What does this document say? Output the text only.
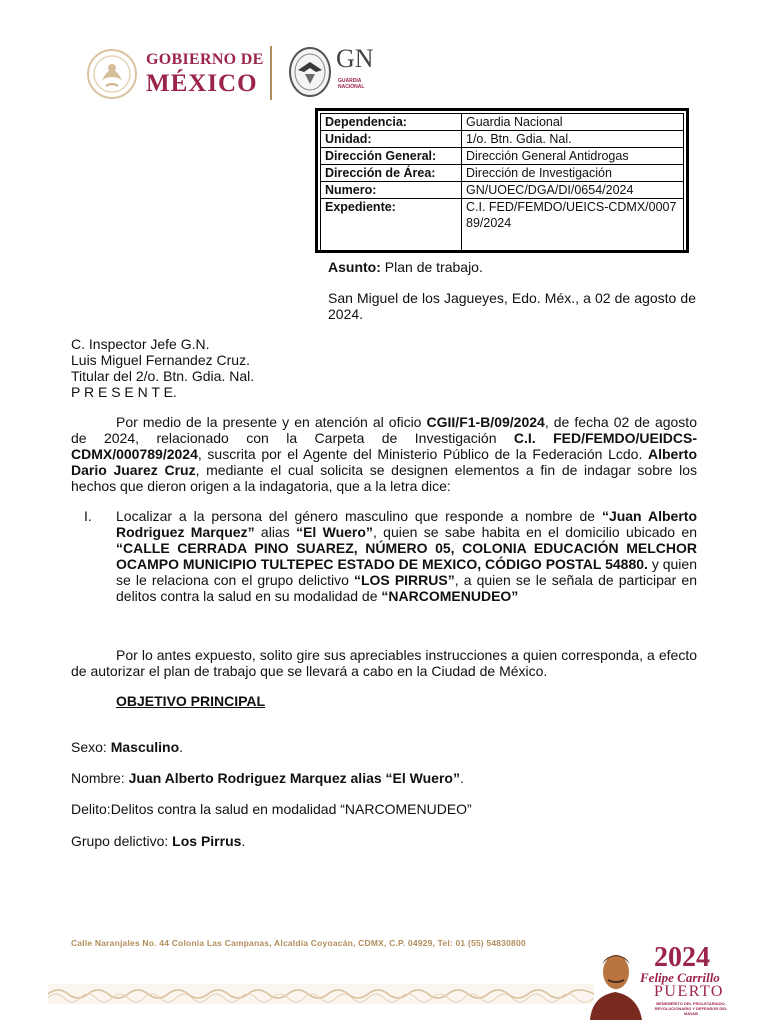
GOBIERNO DE
MÉXICO
GN
GUARDIA NACIONAL
Dependencia:	Guardia Nacional
Unidad:	1/o. Btn. Gdia. Nal.
Dirección General:	Dirección General Antidrogas
Dirección de Área:	Dirección de Investigación
Numero:	GN/UOEC/DGA/DI/0654/2024
Expediente:	C.I. FED/FEMDO/UEICS-CDMX/000789/2024
Asunto: Plan de trabajo.
San Miguel de los Jagueyes, Edo. Méx., a 02 de agosto de 2024.
C. Inspector Jefe G.N.
Luis Miguel Fernandez Cruz.
Titular del 2/o. Btn. Gdia. Nal.
P R E S E N T E.
Por medio de la presente y en atención al oficio CGII/F1-B/09/2024, de fecha 02 de agosto de 2024, relacionado con la Carpeta de Investigación C.I. FED/FEMDO/UEIDCS-CDMX/000789/2024, suscrita por el Agente del Ministerio Público de la Federación Lcdo. Alberto Dario Juarez Cruz, mediante el cual solicita se designen elementos a fin de indagar sobre los hechos que dieron origen a la indagatoria, que a la letra dice:
I. Localizar a la persona del género masculino que responde a nombre de “Juan Alberto Rodriguez Marquez” alias “El Wuero”, quien se sabe habita en el domicilio ubicado en “CALLE CERRADA PINO SUAREZ, NÚMERO 05, COLONIA EDUCACIÓN MELCHOR OCAMPO MUNICIPIO TULTEPEC ESTADO DE MEXICO, CÓDIGO POSTAL 54880. y quien se le relaciona con el grupo delictivo “LOS PIRRUS”, a quien se le señala de participar en delitos contra la salud en su modalidad de “NARCOMENUDEO”
Por lo antes expuesto, solito gire sus apreciables instrucciones a quien corresponda, a efecto de autorizar el plan de trabajo que se llevará a cabo en la Ciudad de México.
OBJETIVO PRINCIPAL
Sexo: Masculino.
Nombre: Juan Alberto Rodriguez Marquez alias “El Wuero”.
Delito:Delitos contra la salud en modalidad “NARCOMENUDEO”
Grupo delictivo: Los Pirrus.
Calle Naranjales No. 44 Colonia Las Campanas, Alcaldía Coyoacán, CDMX, C.P. 04929, Tel: 01 (55) 54830800	2024
Felipe Carrillo
PUERTO
BENEMÉRITO DEL PROLETARIADO, REVOLUCIONARIO Y DEFENSOR DEL MAYAB
